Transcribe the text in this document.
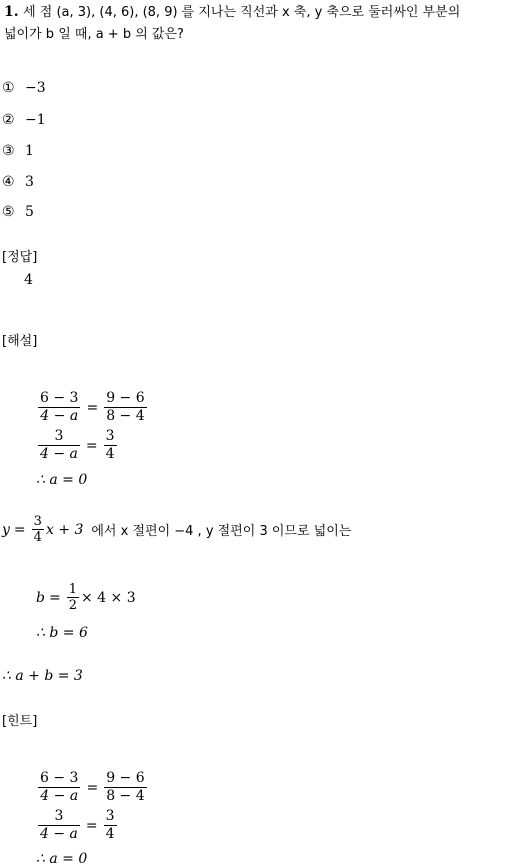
1. 세 점 (a, 3), (4, 6), (8, 9) 를 지나는 직선과 x 축, y 축으로 둘러싸인 부분의
넓이가 b 일 때, a + b 의 값은?
① −3
② −1
③ 1
④ 3
⑤ 5
[정답]
4
[해설]
$\frac{6 - 3}{4 - a} = \frac{9 - 6}{8 - 4}$
$\frac{3}{4 - a} = \frac{3}{4}$
∴ a = 0
$y = \frac{3}{4}$ x + 3 에서 x 절편이 −4 , y 절편이 3 이므로 넓이는
$b = \frac{1}{2} \times 4 \times 3$
∴ b = 6
∴ a + b = 3
[힌트]
$\frac{6 - 3}{4 - a} = \frac{9 - 6}{8 - 4}$
$\frac{3}{4 - a} = \frac{3}{4}$
∴ a = 0
